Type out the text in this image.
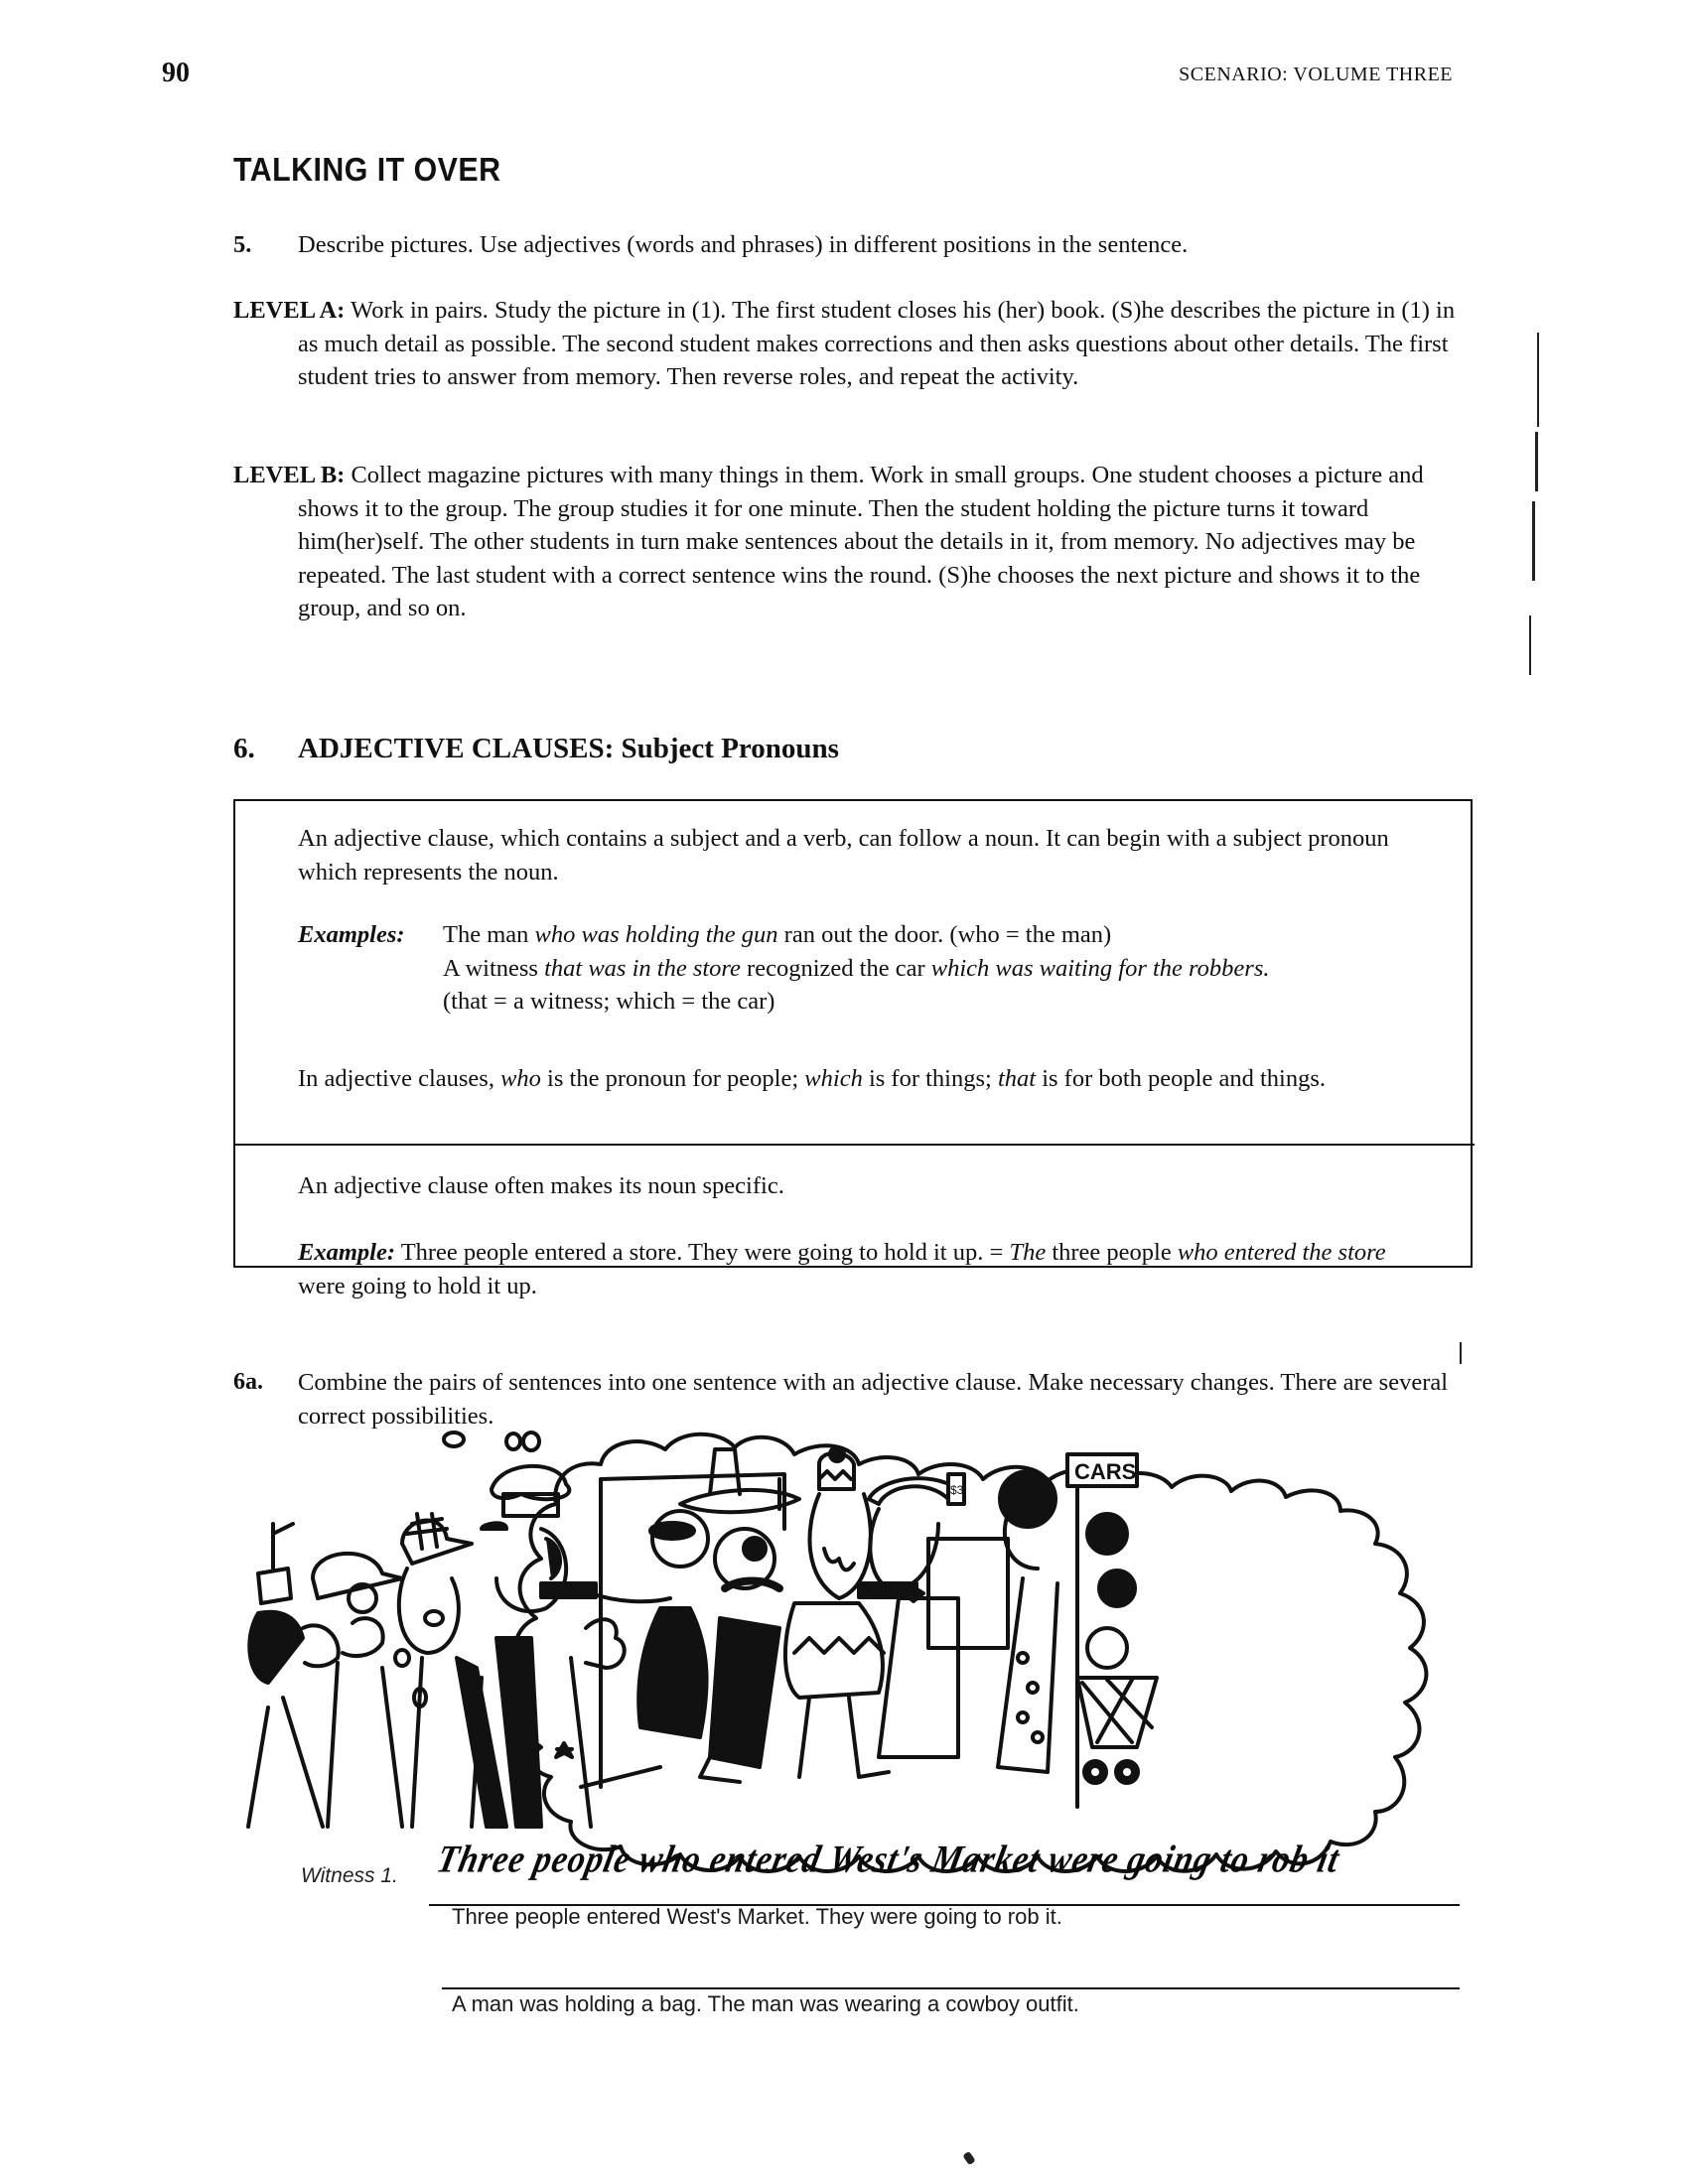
90	SCENARIO: VOLUME THREE
TALKING IT OVER
5. Describe pictures. Use adjectives (words and phrases) in different positions in the sentence.
LEVEL A: Work in pairs. Study the picture in (1). The first student closes his (her) book. (S)he describes the picture in (1) in as much detail as possible. The second student makes corrections and then asks questions about other details. The first student tries to answer from memory. Then reverse roles, and repeat the activity.
LEVEL B: Collect magazine pictures with many things in them. Work in small groups. One student chooses a picture and shows it to the group. The group studies it for one minute. Then the student holding the picture turns it toward him(her)self. The other students in turn make sentences about the details in it, from memory. No adjectives may be repeated. The last student with a correct sentence wins the round. (S)he chooses the next picture and shows it to the group, and so on.
6. ADJECTIVE CLAUSES: Subject Pronouns
An adjective clause, which contains a subject and a verb, can follow a noun. It can begin with a subject pronoun which represents the noun.
Examples: The man who was holding the gun ran out the door. (who = the man)
A witness that was in the store recognized the car which was waiting for the robbers.
(that = a witness; which = the car)
In adjective clauses, who is the pronoun for people; which is for things; that is for both people and things.
An adjective clause often makes its noun specific.
Example: Three people entered a store. They were going to hold it up. = The three people who entered the store were going to hold it up.
6a. Combine the pairs of sentences into one sentence with an adjective clause. Make necessary changes. There are several correct possibilities.
$3
CARS
Witness 1. Three people who entered West's Market were going to rob it
Three people entered West's Market. They were going to rob it.
A man was holding a bag. The man was wearing a cowboy outfit.
